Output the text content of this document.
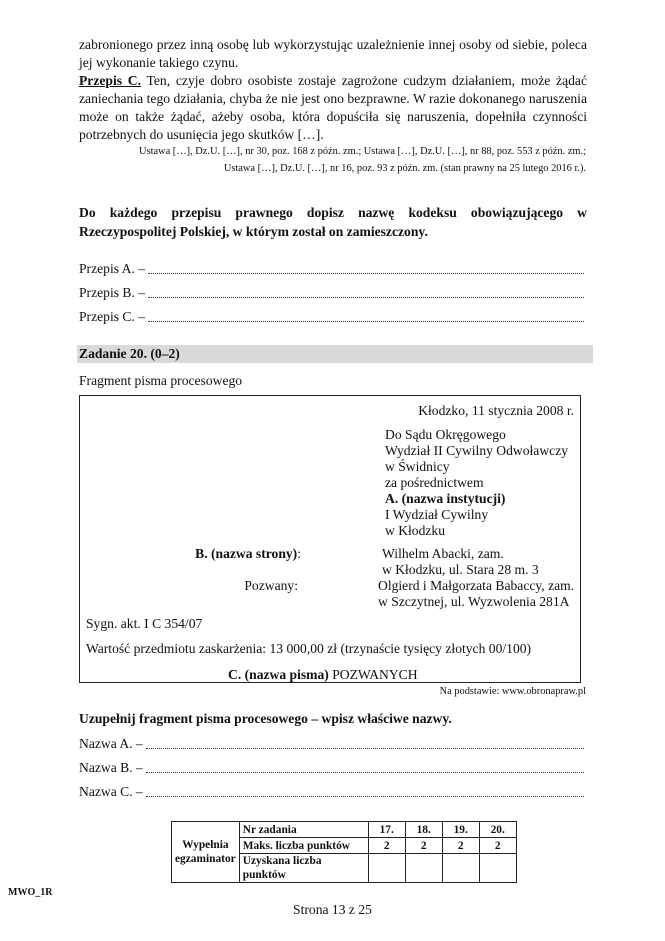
zabronionego przez inną osobę lub wykorzystując uzależnienie innej osoby od siebie, poleca jej wykonanie takiego czynu.
Przepis C. Ten, czyje dobro osobiste zostaje zagrożone cudzym działaniem, może żądać zaniechania tego działania, chyba że nie jest ono bezprawne. W razie dokonanego naruszenia może on także żądać, ażeby osoba, która dopuściła się naruszenia, dopełniła czynności potrzebnych do usunięcia jego skutków […].
Ustawa […], Dz.U. […], nr 30, poz. 168 z późn. zm.; Ustawa […], Dz.U. […], nr 88, poz. 553 z późn. zm.;
Ustawa […], Dz.U. […], nr 16, poz. 93 z późn. zm. (stan prawny na 25 lutego 2016 r.).
Do każdego przepisu prawnego dopisz nazwę kodeksu obowiązującego w Rzeczypospolitej Polskiej, w którym został on zamieszczony.
Przepis A. –
Przepis B. –
Przepis C. –
Zadanie 20. (0–2)
Fragment pisma procesowego
Kłodzko, 11 stycznia 2008 r.
Do Sądu Okręgowego
Wydział II Cywilny Odwoławczy
w Świdnicy
za pośrednictwem
A. (nazwa instytucji)
I Wydział Cywilny
w Kłodzku
B. (nazwa strony):	Wilhelm Abacki, zam.
w Kłodzku, ul. Stara 28 m. 3
Pozwany:	Olgierd i Małgorzata Babaccy, zam.
w Szczytnej, ul. Wyzwolenia 281A
Sygn. akt. I C 354/07
Wartość przedmiotu zaskarżenia: 13 000,00 zł (trzynaście tysięcy złotych 00/100)
C. (nazwa pisma) POZWANYCH
Na podstawie: www.obronapraw.pl
Uzupełnij fragment pisma procesowego – wpisz właściwe nazwy.
Nazwa A. –
Nazwa B. –
Nazwa C. –
Wypełnia egzaminator	Nr zadania	17.	18.	19.	20.
	Maks. liczba punktów	2	2	2	2
	Uzyskana liczba punktów				
MWO_1R
Strona 13 z 25
